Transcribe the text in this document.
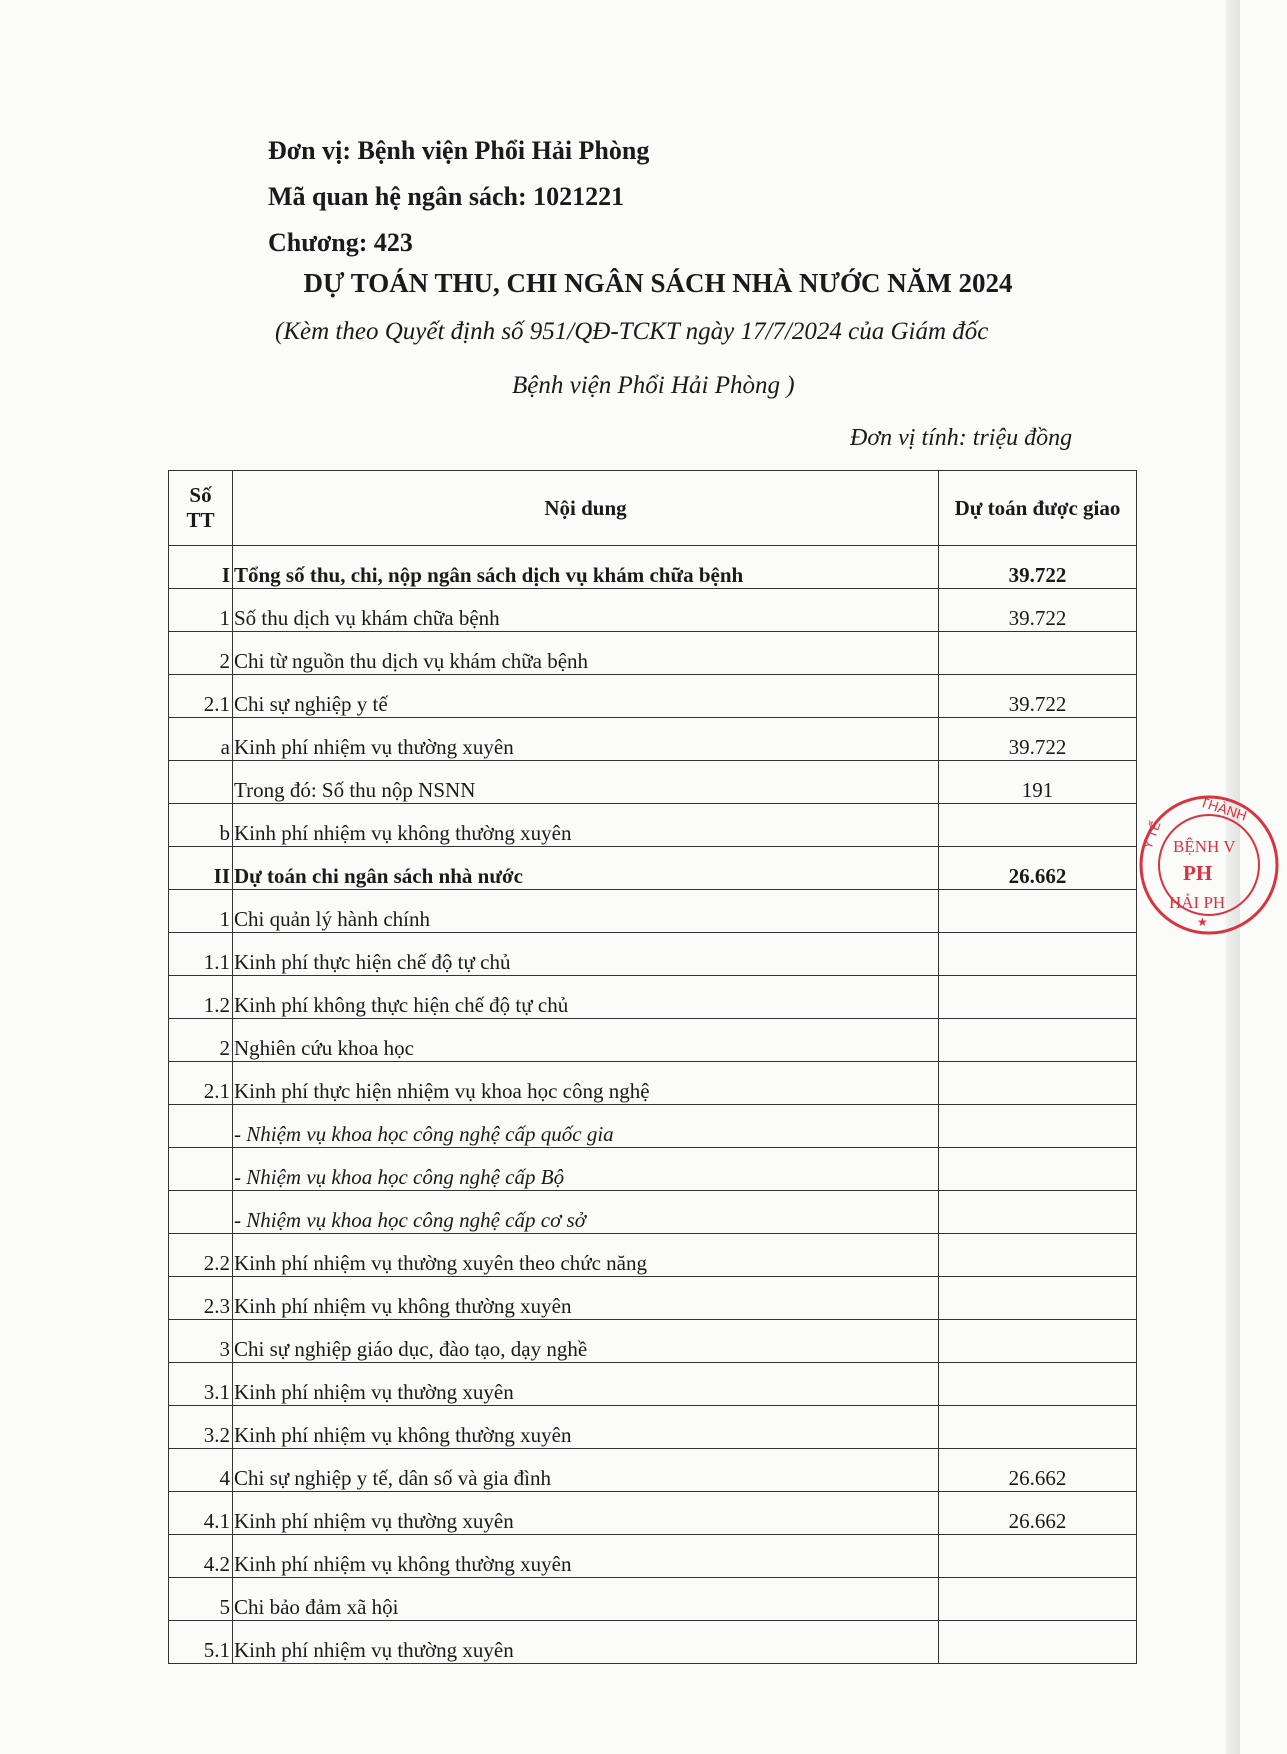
Đơn vị: Bệnh viện Phổi Hải Phòng
Mã quan hệ ngân sách: 1021221
Chương: 423
DỰ TOÁN THU, CHI NGÂN SÁCH NHÀ NƯỚC NĂM 2024
(Kèm theo Quyết định số 951/QĐ-TCKT ngày 17/7/2024 của Giám đốc
Bệnh viện Phổi Hải Phòng )
Đơn vị tính: triệu đồng
Số TT	Nội dung	Dự toán được giao
I	Tổng số thu, chi, nộp ngân sách dịch vụ khám chữa bệnh	39.722
1	Số thu dịch vụ khám chữa bệnh	39.722
2	Chi từ nguồn thu dịch vụ khám chữa bệnh	
2.1	Chi sự nghiệp y tế	39.722
a	Kinh phí nhiệm vụ thường xuyên	39.722
	Trong đó: Số thu nộp NSNN	191
b	Kinh phí nhiệm vụ không thường xuyên	
II	Dự toán chi ngân sách nhà nước	26.662
1	Chi quản lý hành chính	
1.1	Kinh phí thực hiện chế độ tự chủ	
1.2	Kinh phí không thực hiện chế độ tự chủ	
2	Nghiên cứu khoa học	
2.1	Kinh phí thực hiện nhiệm vụ khoa học công nghệ	
	- Nhiệm vụ khoa học công nghệ cấp quốc gia	
	- Nhiệm vụ khoa học công nghệ cấp Bộ	
	- Nhiệm vụ khoa học công nghệ cấp cơ sở	
2.2	Kinh phí nhiệm vụ thường xuyên theo chức năng	
2.3	Kinh phí nhiệm vụ không thường xuyên	
3	Chi sự nghiệp giáo dục, đào tạo, dạy nghề	
3.1	Kinh phí nhiệm vụ thường xuyên	
3.2	Kinh phí nhiệm vụ không thường xuyên	
4	Chi sự nghiệp y tế, dân số và gia đình	26.662
4.1	Kinh phí nhiệm vụ thường xuyên	26.662
4.2	Kinh phí nhiệm vụ không thường xuyên	
5	Chi bảo đảm xã hội	
5.1	Kinh phí nhiệm vụ thường xuyên	
THÀNH
Y TẾ BỆNH V
PH
HẢI PH
★
